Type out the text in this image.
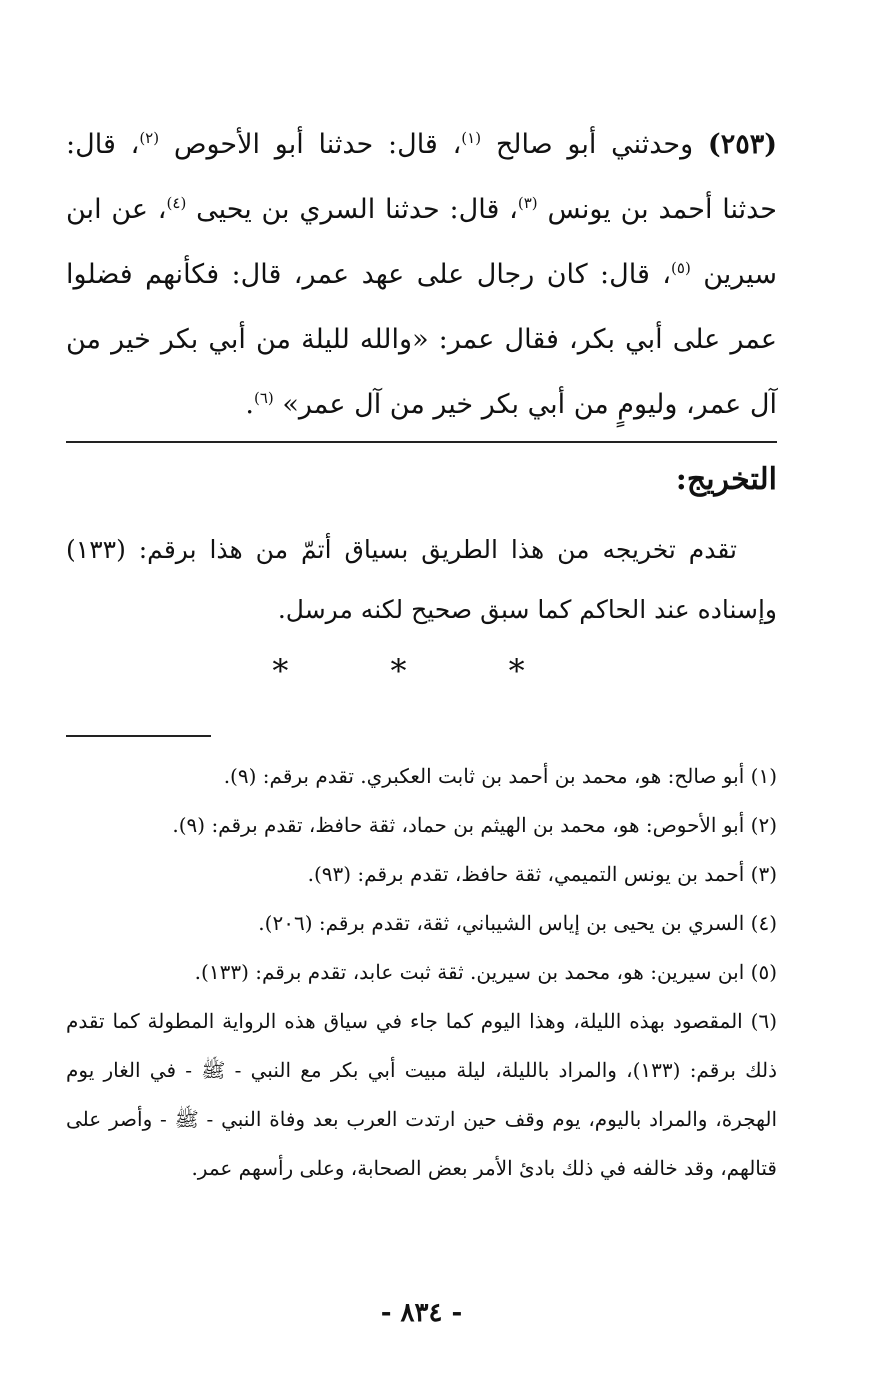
(٢٥٣) وحدثني أبو صالح $^{(١)}$، قال: حدثنا أبو الأحوص $^{(٢)}$، قال: حدثنا أحمد بن يونس $^{(٣)}$، قال: حدثنا السري بن يحيى $^{(٤)}$، عن ابن سيرين $^{(٥)}$، قال: كان رجال على عهد عمر، قال: فكأنهم فضلوا عمر على أبي بكر، فقال عمر: «والله لليلة من أبي بكر خير من آل عمر، وليومٍ من أبي بكر خير من آل عمر» $^{(٦)}$.

التخريج:

تقدم تخريجه من هذا الطريق بسياق أتمّ من هذا برقم: (١٣٣) وإسناده عند الحاكم كما سبق صحيح لكنه مرسل.

* * *

(١) أبو صالح: هو، محمد بن أحمد بن ثابت العكبري. تقدم برقم: (٩).

(٢) أبو الأحوص: هو، محمد بن الهيثم بن حماد، ثقة حافظ، تقدم برقم: (٩).

(٣) أحمد بن يونس التميمي، ثقة حافظ، تقدم برقم: (٩٣).

(٤) السري بن يحيى بن إياس الشيباني، ثقة، تقدم برقم: (٢٠٦).

(٥) ابن سيرين: هو، محمد بن سيرين. ثقة ثبت عابد، تقدم برقم: (١٣٣).

(٦) المقصود بهذه الليلة، وهذا اليوم كما جاء في سياق هذه الرواية المطولة كما تقدم ذلك برقم: (١٣٣)، والمراد بالليلة، ليلة مبيت أبي بكر مع النبي - ﷺ - في الغار يوم الهجرة، والمراد باليوم، يوم وقف حين ارتدت العرب بعد وفاة النبي - ﷺ - وأصر على قتالهم، وقد خالفه في ذلك بادئ الأمر بعض الصحابة، وعلى رأسهم عمر.

- ٨٣٤ -
